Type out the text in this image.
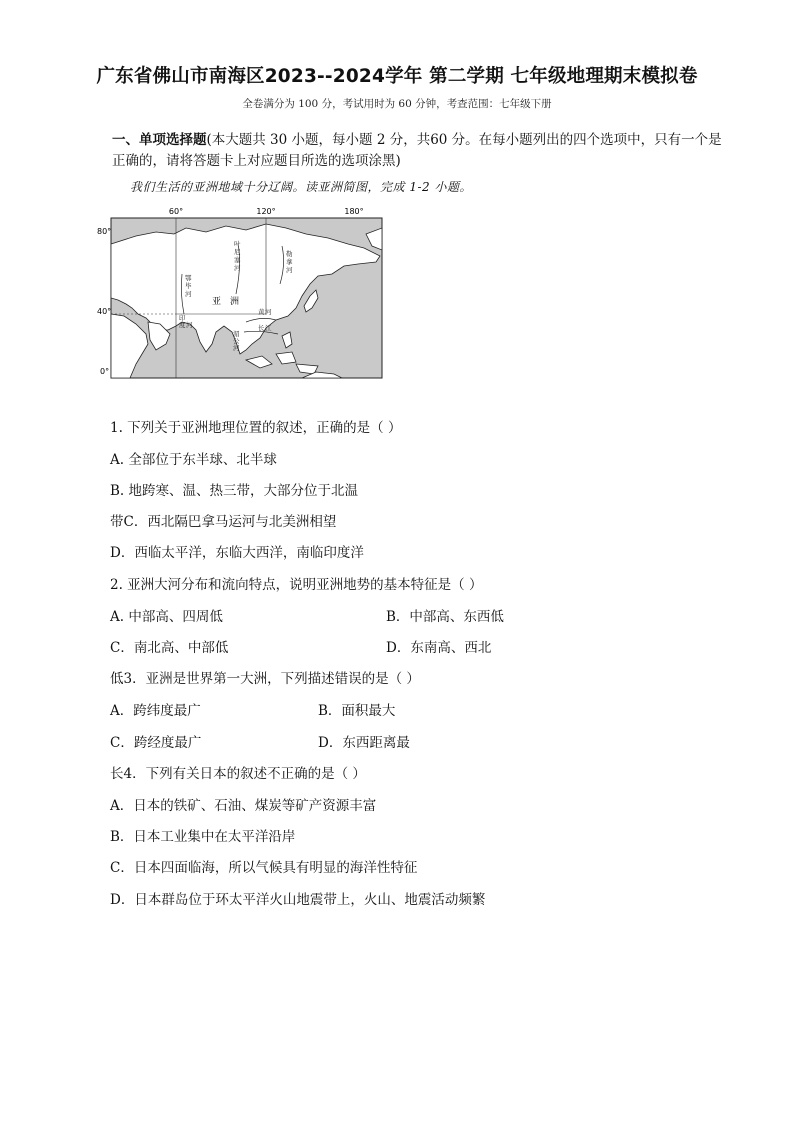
广东省佛山市南海区2023--2024学年 第二学期 七年级地理期末模拟卷
全卷满分为 100 分，考试用时为 60 分钟，考查范围：七年级下册
一、单项选择题(本大题共 30 小题，每小题 2 分，共60 分。在每小题列出的四个选项中，只有一个是正确的，请将答题卡上对应题目所选的选项涂黑)
我们生活的亚洲地域十分辽阔。读亚洲简图，完成 1-2 小题。
60°	120°	180°
80°
40°
0°
亚　洲
叶
尼
塞
河
勒
拿
河
鄂
毕
河
印
度 河
黄 河
长 江
湄
公
河
1. 下列关于亚洲地理位置的叙述，正确的是（ ）
A. 全部位于东半球、北半球
B. 地跨寒、温、热三带，大部分位于北温
带C．西北隔巴拿马运河与北美洲相望
D．西临太平洋，东临大西洋，南临印度洋
2. 亚洲大河分布和流向特点，说明亚洲地势的基本特征是（ ）
A. 中部高、四周低	B．中部高、东西低
C．南北高、中部低	D．东南高、西北
低3．亚洲是世界第一大洲，下列描述错误的是（ ）
A．跨纬度最广	B．面积最大
C．跨经度最广	D．东西距离最
长4．下列有关日本的叙述不正确的是（ ）
A．日本的铁矿、石油、煤炭等矿产资源丰富
B．日本工业集中在太平洋沿岸
C．日本四面临海，所以气候具有明显的海洋性特征
D．日本群岛位于环太平洋火山地震带上，火山、地震活动频繁
